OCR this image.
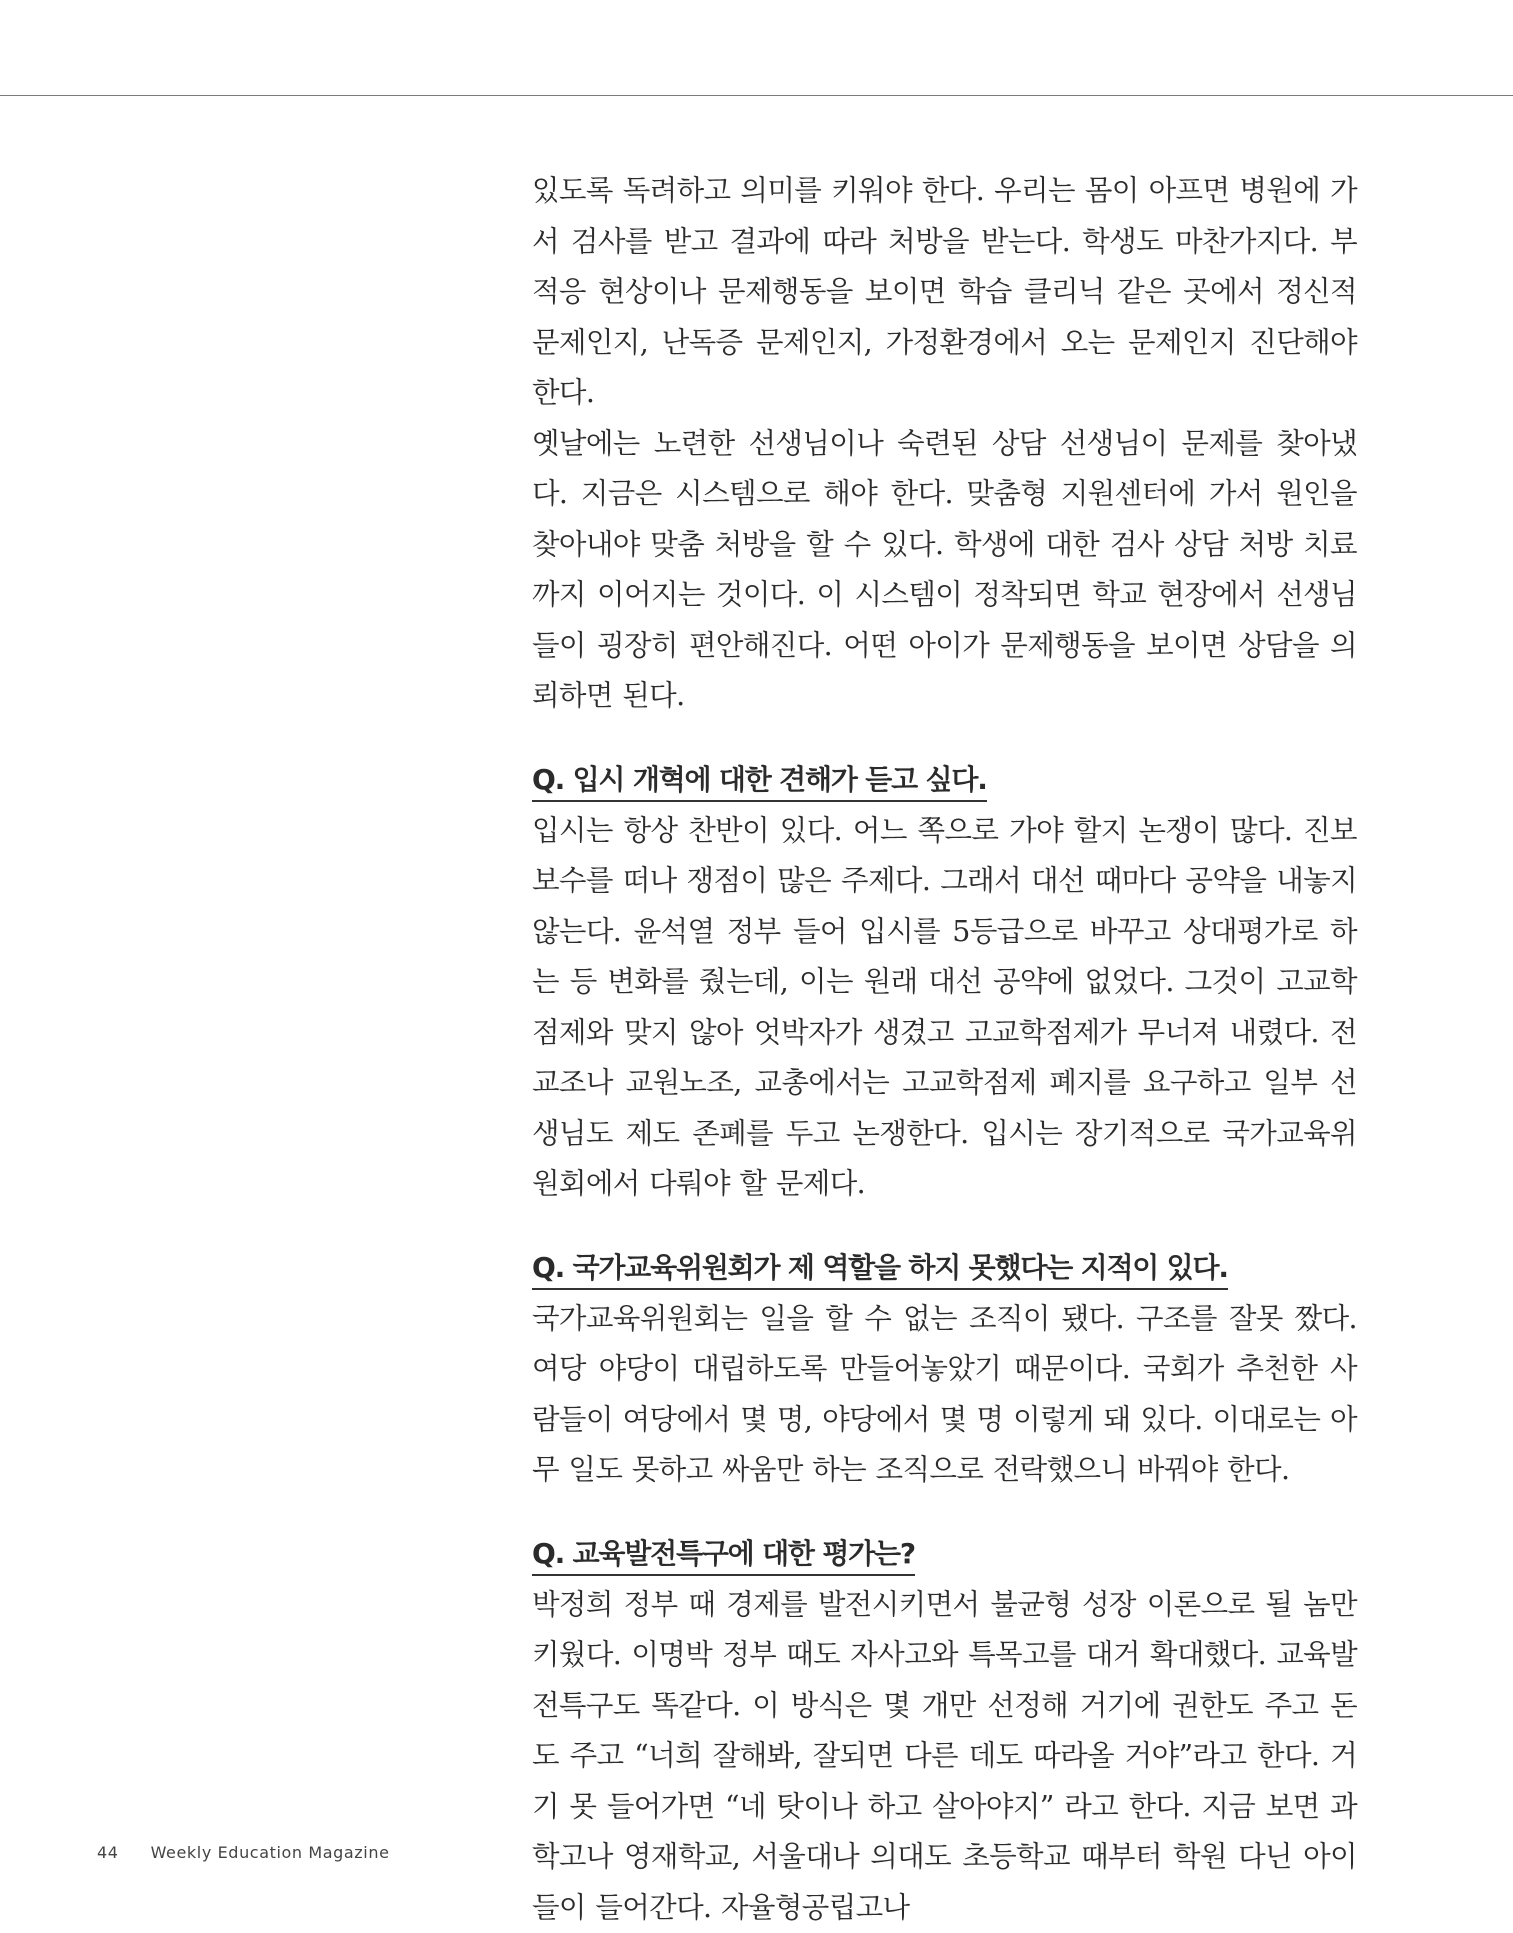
있도록 독려하고 의미를 키워야 한다. 우리는 몸이 아프면 병원에 가서 검사를 받고 결과에 따라 처방을 받는다. 학생도 마찬가지다. 부적응 현상이나 문제행동을 보이면 학습 클리닉 같은 곳에서 정신적 문제인지, 난독증 문제인지, 가정환경에서 오는 문제인지 진단해야 한다.

옛날에는 노련한 선생님이나 숙련된 상담 선생님이 문제를 찾아냈다. 지금은 시스템으로 해야 한다. 맞춤형 지원센터에 가서 원인을 찾아내야 맞춤 처방을 할 수 있다. 학생에 대한 검사 상담 처방 치료까지 이어지는 것이다. 이 시스템이 정착되면 학교 현장에서 선생님들이 굉장히 편안해진다. 어떤 아이가 문제행동을 보이면 상담을 의뢰하면 된다.

Q. 입시 개혁에 대한 견해가 듣고 싶다.

입시는 항상 찬반이 있다. 어느 쪽으로 가야 할지 논쟁이 많다. 진보 보수를 떠나 쟁점이 많은 주제다. 그래서 대선 때마다 공약을 내놓지 않는다. 윤석열 정부 들어 입시를 5등급으로 바꾸고 상대평가로 하는 등 변화를 줬는데, 이는 원래 대선 공약에 없었다. 그것이 고교학점제와 맞지 않아 엇박자가 생겼고 고교학점제가 무너져 내렸다. 전교조나 교원노조, 교총에서는 고교학점제 폐지를 요구하고 일부 선생님도 제도 존폐를 두고 논쟁한다. 입시는 장기적으로 국가교육위원회에서 다뤄야 할 문제다.

Q. 국가교육위원회가 제 역할을 하지 못했다는 지적이 있다.

국가교육위원회는 일을 할 수 없는 조직이 됐다. 구조를 잘못 짰다. 여당 야당이 대립하도록 만들어놓았기 때문이다. 국회가 추천한 사람들이 여당에서 몇 명, 야당에서 몇 명 이렇게 돼 있다. 이대로는 아무 일도 못하고 싸움만 하는 조직으로 전락했으니 바꿔야 한다.

Q. 교육발전특구에 대한 평가는?

박정희 정부 때 경제를 발전시키면서 불균형 성장 이론으로 될 놈만 키웠다. 이명박 정부 때도 자사고와 특목고를 대거 확대했다. 교육발전특구도 똑같다. 이 방식은 몇 개만 선정해 거기에 권한도 주고 돈도 주고 “너희 잘해봐, 잘되면 다른 데도 따라올 거야”라고 한다. 거기 못 들어가면 “네 탓이나 하고 살아야지” 라고 한다. 지금 보면 과학고나 영재학교, 서울대나 의대도 초등학교 때부터 학원 다닌 아이들이 들어간다. 자율형공립고나

44 Weekly Education Magazine
